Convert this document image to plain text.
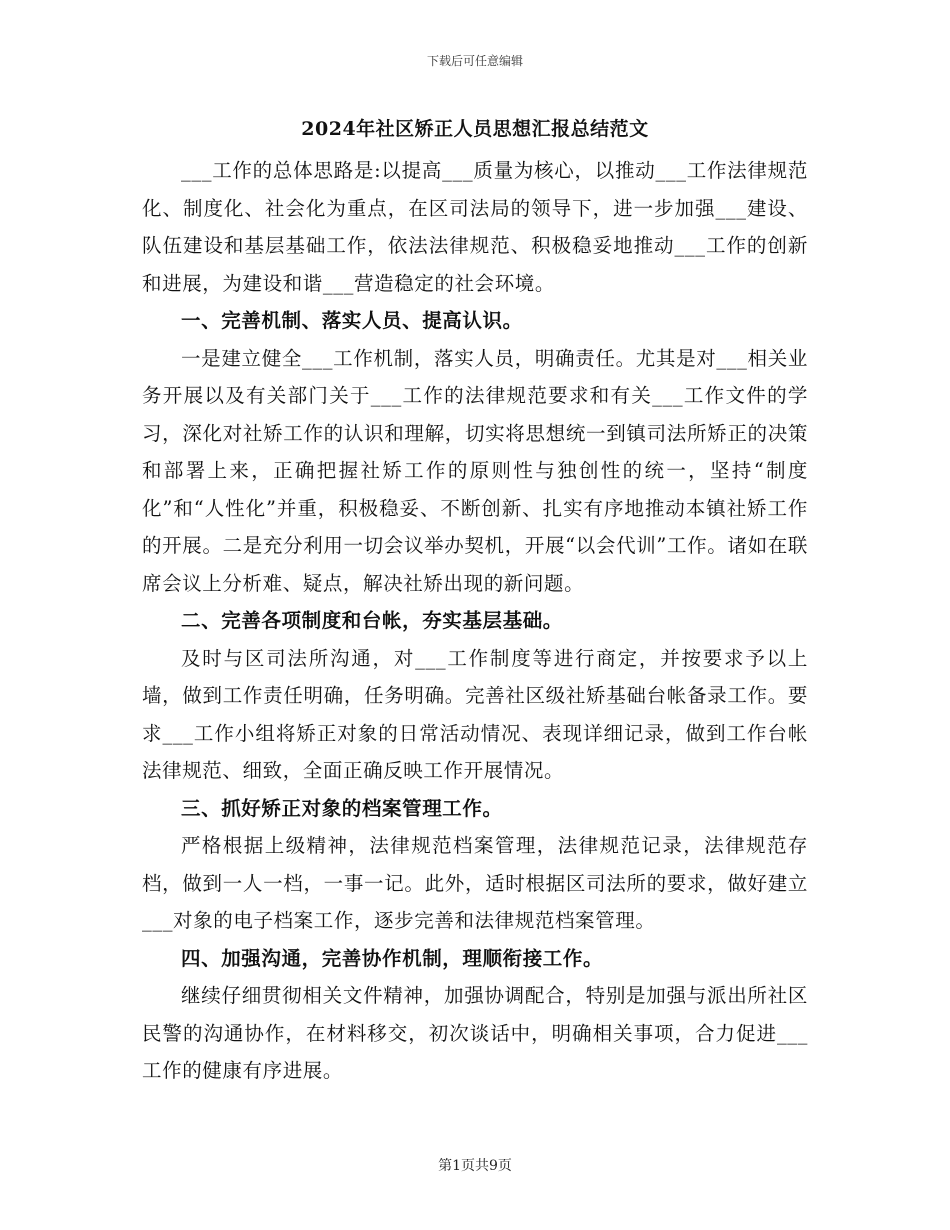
下载后可任意编辑
2024年社区矫正人员思想汇报总结范文

___工作的总体思路是:以提高___质量为核心，以推动___工作法律规范化、制度化、社会化为重点，在区司法局的领导下，进一步加强___建设、队伍建设和基层基础工作，依法法律规范、积极稳妥地推动___工作的创新和进展，为建设和谐___营造稳定的社会环境。

一、完善机制、落实人员、提高认识。

一是建立健全___工作机制，落实人员，明确责任。尤其是对___相关业务开展以及有关部门关于___工作的法律规范要求和有关___工作文件的学习，深化对社矫工作的认识和理解，切实将思想统一到镇司法所矫正的决策和部署上来，正确把握社矫工作的原则性与独创性的统一，坚持“制度化”和“人性化”并重，积极稳妥、不断创新、扎实有序地推动本镇社矫工作的开展。二是充分利用一切会议举办契机，开展“以会代训”工作。诸如在联席会议上分析难、疑点，解决社矫出现的新问题。

二、完善各项制度和台帐，夯实基层基础。

及时与区司法所沟通，对___工作制度等进行商定，并按要求予以上墙，做到工作责任明确，任务明确。完善社区级社矫基础台帐备录工作。要求___工作小组将矫正对象的日常活动情况、表现详细记录，做到工作台帐法律规范、细致，全面正确反映工作开展情况。

三、抓好矫正对象的档案管理工作。

严格根据上级精神，法律规范档案管理，法律规范记录，法律规范存档，做到一人一档，一事一记。此外，适时根据区司法所的要求，做好建立___对象的电子档案工作，逐步完善和法律规范档案管理。

四、加强沟通，完善协作机制，理顺衔接工作。

继续仔细贯彻相关文件精神，加强协调配合，特别是加强与派出所社区民警的沟通协作，在材料移交，初次谈话中，明确相关事项，合力促进___工作的健康有序进展。

第1页共9页
